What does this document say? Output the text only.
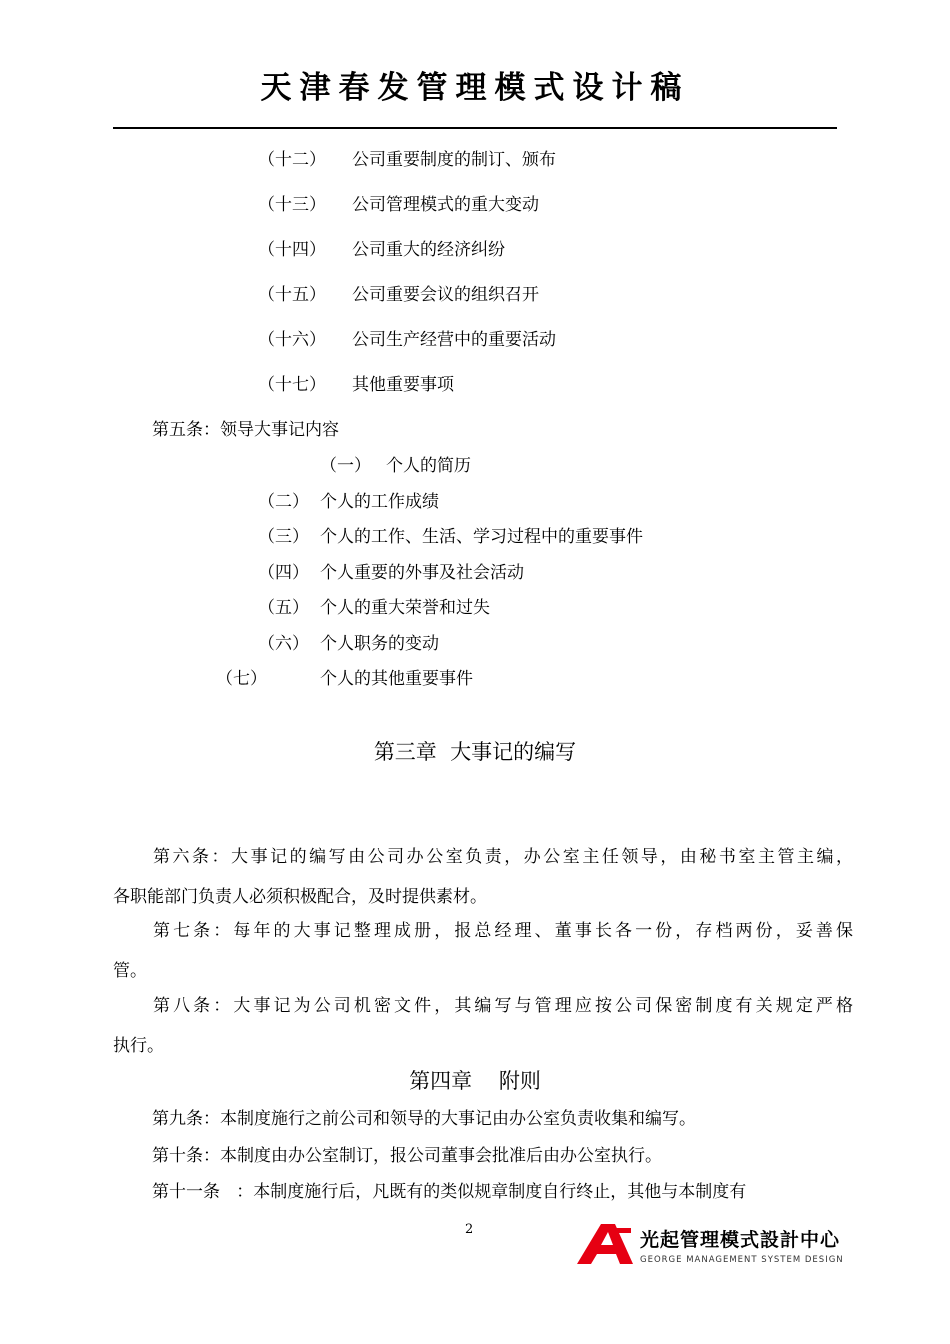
天津春发管理模式设计稿
（十二） 公司重要制度的制订、颁布
（十三） 公司管理模式的重大变动
（十四） 公司重大的经济纠纷
（十五） 公司重要会议的组织召开
（十六） 公司生产经营中的重要活动
（十七） 其他重要事项
第五条：领导大事记内容
（一） 个人的简历
（二） 个人的工作成绩
（三） 个人的工作、生活、学习过程中的重要事件
（四） 个人重要的外事及社会活动
（五） 个人的重大荣誉和过失
（六） 个人职务的变动
（七）	个人的其他重要事件
第三章  大事记的编写
第六条：大事记的编写由公司办公室负责，办公室主任领导，由秘书室主管主编，
各职能部门负责人必须积极配合，及时提供素材。
第七条：每年的大事记整理成册，报总经理、董事长各一份，存档两份，妥善保
管。
第八条：大事记为公司机密文件，其编写与管理应按公司保密制度有关规定严格
执行。
第四章    附则
第九条：本制度施行之前公司和领导的大事记由办公室负责收集和编写。
第十条：本制度由办公室制订，报公司董事会批准后由办公室执行。
第十一条   ：本制度施行后，凡既有的类似规章制度自行终止，其他与本制度有
2	光起管理模式設計中心
GEORGE MANAGEMENT SYSTEM DESIGN
